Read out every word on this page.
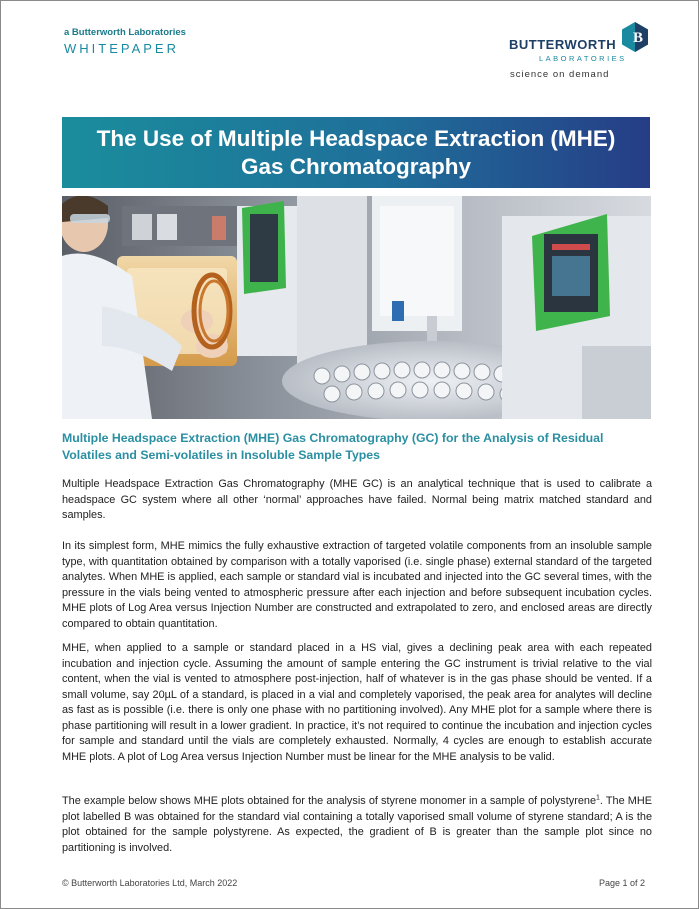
a Butterworth Laboratories
WHITEPAPER
B
BUTTERWORTH
LABORATORIES
science on demand
The Use of Multiple Headspace Extraction (MHE)
Gas Chromatography
Multiple Headspace Extraction (MHE) Gas Chromatography (GC) for the Analysis of Residual Volatiles and Semi-volatiles in Insoluble Sample Types
Multiple Headspace Extraction Gas Chromatography (MHE GC) is an analytical technique that is used to calibrate a headspace GC system where all other ‘normal’ approaches have failed. Normal being matrix matched standard and samples.
In its simplest form, MHE mimics the fully exhaustive extraction of targeted volatile components from an insoluble sample type, with quantitation obtained by comparison with a totally vaporised (i.e. single phase) external standard of the targeted analytes. When MHE is applied, each sample or standard vial is incubated and injected into the GC several times, with the pressure in the vials being vented to atmospheric pressure after each injection and before subsequent incubation cycles. MHE plots of Log Area versus Injection Number are constructed and extrapolated to zero, and enclosed areas are directly compared to obtain quantitation.
MHE, when applied to a sample or standard placed in a HS vial, gives a declining peak area with each repeated incubation and injection cycle. Assuming the amount of sample entering the GC instrument is trivial relative to the vial content, when the vial is vented to atmosphere post-injection, half of whatever is in the gas phase should be vented. If a small volume, say 20µL of a standard, is placed in a vial and completely vaporised, the peak area for analytes will decline as fast as is possible (i.e. there is only one phase with no partitioning involved). Any MHE plot for a sample where there is phase partitioning will result in a lower gradient. In practice, it’s not required to continue the incubation and injection cycles for sample and standard until the vials are completely exhausted. Normally, 4 cycles are enough to establish accurate MHE plots. A plot of Log Area versus Injection Number must be linear for the MHE analysis to be valid.
The example below shows MHE plots obtained for the analysis of styrene monomer in a sample of polystyrene$^1$. The MHE plot labelled B was obtained for the standard vial containing a totally vaporised small volume of styrene standard; A is the plot obtained for the sample polystyrene. As expected, the gradient of B is greater than the sample plot since no partitioning is involved.
© Butterworth Laboratories Ltd, March 2022	Page 1 of 2
